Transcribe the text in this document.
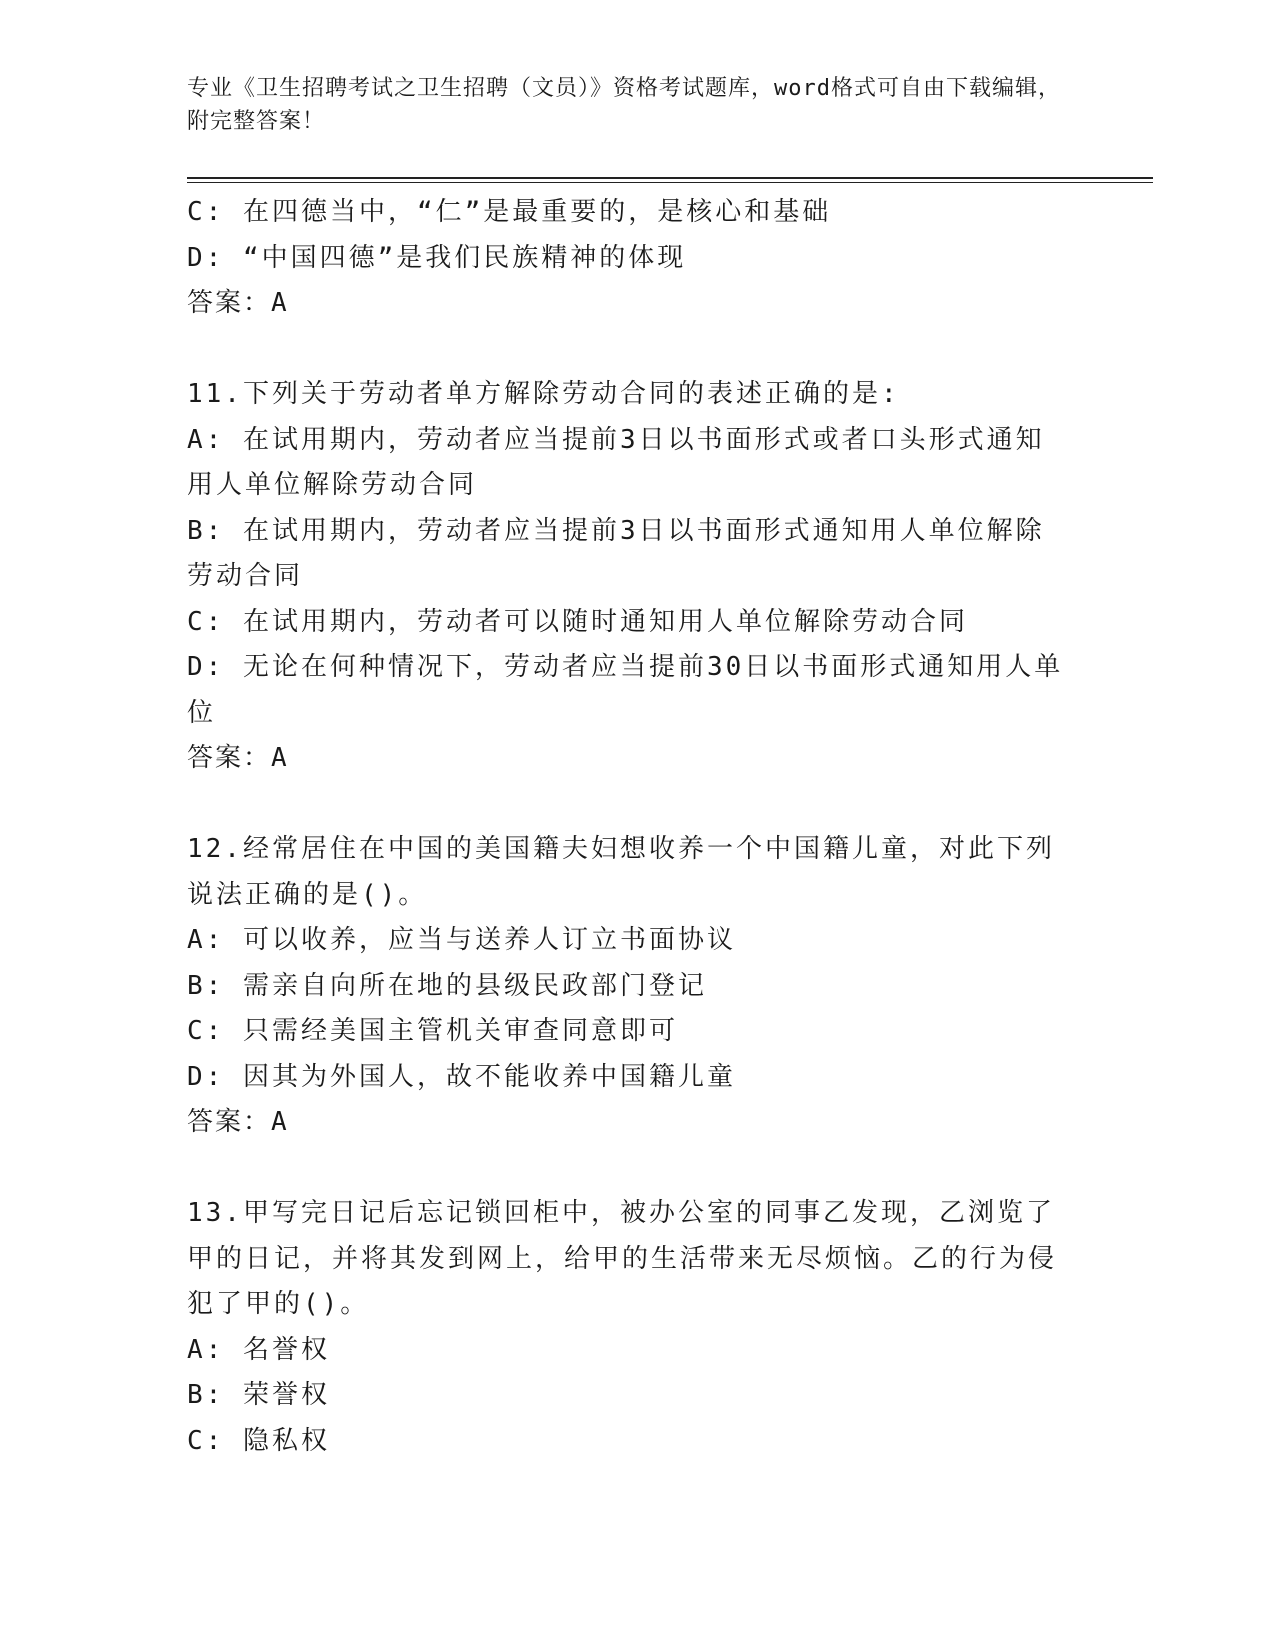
专业《卫生招聘考试之卫生招聘（文员）》资格考试题库，word格式可自由下载编辑，附完整答案！

C: 在四德当中，“仁”是最重要的，是核心和基础

D: “中国四德”是我们民族精神的体现

答案：A

11.下列关于劳动者单方解除劳动合同的表述正确的是:

A: 在试用期内，劳动者应当提前3日以书面形式或者口头形式通知用人单位解除劳动合同

B: 在试用期内，劳动者应当提前3日以书面形式通知用人单位解除劳动合同

C: 在试用期内，劳动者可以随时通知用人单位解除劳动合同

D: 无论在何种情况下，劳动者应当提前30日以书面形式通知用人单位

答案：A

12.经常居住在中国的美国籍夫妇想收养一个中国籍儿童，对此下列说法正确的是()。

A: 可以收养，应当与送养人订立书面协议

B: 需亲自向所在地的县级民政部门登记

C: 只需经美国主管机关审查同意即可

D: 因其为外国人，故不能收养中国籍儿童

答案：A

13.甲写完日记后忘记锁回柜中，被办公室的同事乙发现，乙浏览了甲的日记，并将其发到网上，给甲的生活带来无尽烦恼。乙的行为侵犯了甲的()。

A: 名誉权

B: 荣誉权

C: 隐私权
